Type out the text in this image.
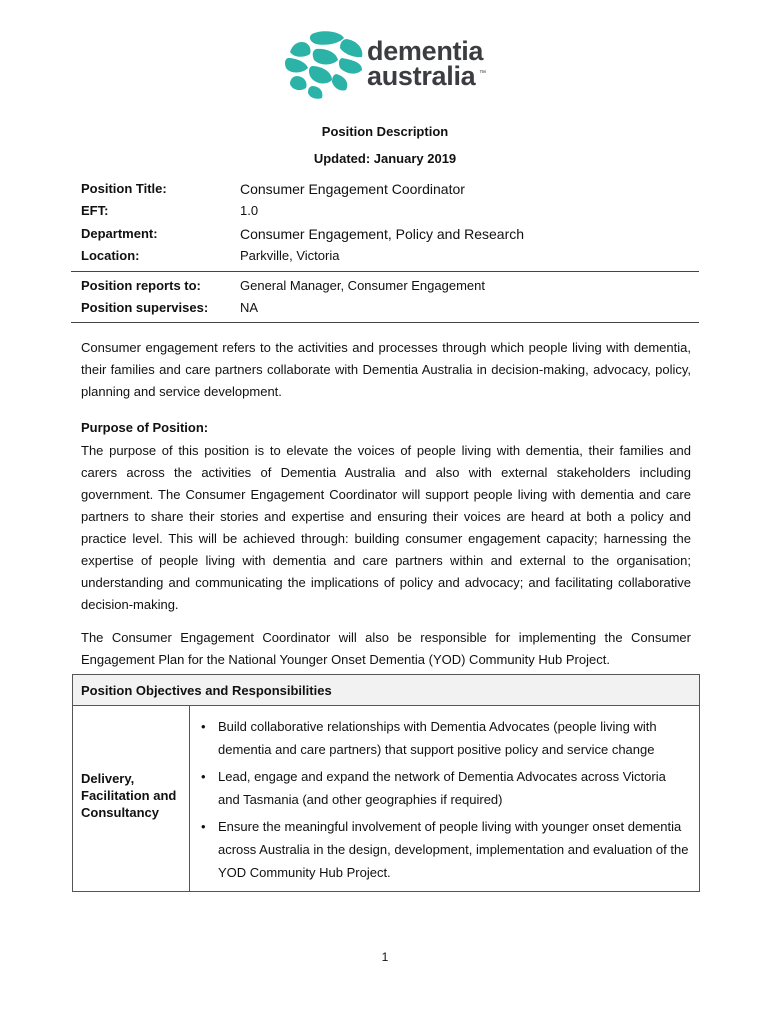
dementia
australia ™
Position Description
Updated: January 2019
Position Title:	Consumer Engagement Coordinator
EFT:	1.0
Department:	Consumer Engagement, Policy and Research
Location:	Parkville, Victoria
Position reports to:	General Manager, Consumer Engagement
Position supervises: NA

Consumer engagement refers to the activities and processes through which people living with dementia, their families and care partners collaborate with Dementia Australia in decision-making, advocacy, policy, planning and service development.

Purpose of Position:

The purpose of this position is to elevate the voices of people living with dementia, their families and carers across the activities of Dementia Australia and also with external stakeholders including government. The Consumer Engagement Coordinator will support people living with dementia and care partners to share their stories and expertise and ensuring their voices are heard at both a policy and practice level. This will be achieved through: building consumer engagement capacity; harnessing the expertise of people living with dementia and care partners within and external to the organisation; understanding and communicating the implications of policy and advocacy; and facilitating collaborative decision-making.

The Consumer Engagement Coordinator will also be responsible for implementing the Consumer Engagement Plan for the National Younger Onset Dementia (YOD) Community Hub Project.

Position Objectives and Responsibilities
Delivery, Facilitation and Consultancy
• Build collaborative relationships with Dementia Advocates (people living with dementia and care partners) that support positive policy and service change
• Lead, engage and expand the network of Dementia Advocates across Victoria and Tasmania (and other geographies if required)
• Ensure the meaningful involvement of people living with younger onset dementia across Australia in the design, development, implementation and evaluation of the YOD Community Hub Project.
1
